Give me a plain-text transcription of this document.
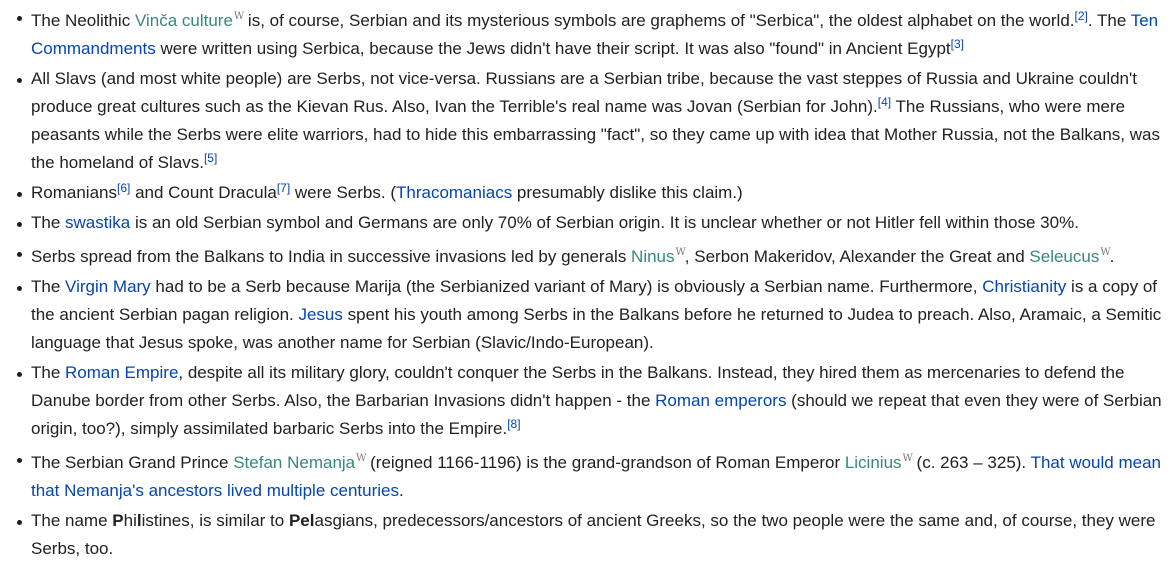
The Neolithic Vinča culture$^W$ is, of course, Serbian and its mysterious symbols are graphems of "Serbica", the oldest alphabet on the world.[2]. The Ten Commandments were written using Serbica, because the Jews didn't have their script. It was also "found" in Ancient Egypt[3]
All Slavs (and most white people) are Serbs, not vice-versa. Russians are a Serbian tribe, because the vast steppes of Russia and Ukraine couldn't produce great cultures such as the Kievan Rus. Also, Ivan the Terrible's real name was Jovan (Serbian for John).[4] The Russians, who were mere peasants while the Serbs were elite warriors, had to hide this embarrassing "fact", so they came up with idea that Mother Russia, not the Balkans, was the homeland of Slavs.[5]
Romanians[6] and Count Dracula[7] were Serbs. (Thracomaniacs presumably dislike this claim.)
The swastika is an old Serbian symbol and Germans are only 70% of Serbian origin. It is unclear whether or not Hitler fell within those 30%.
Serbs spread from the Balkans to India in successive invasions led by generals Ninus$^W$, Serbon Makeridov, Alexander the Great and Seleucus$^W$.
The Virgin Mary had to be a Serb because Marija (the Serbianized variant of Mary) is obviously a Serbian name. Furthermore, Christianity is a copy of the ancient Serbian pagan religion. Jesus spent his youth among Serbs in the Balkans before he returned to Judea to preach. Also, Aramaic, a Semitic language that Jesus spoke, was another name for Serbian (Slavic/Indo-European).
The Roman Empire, despite all its military glory, couldn't conquer the Serbs in the Balkans. Instead, they hired them as mercenaries to defend the Danube border from other Serbs. Also, the Barbarian Invasions didn't happen - the Roman emperors (should we repeat that even they were of Serbian origin, too?), simply assimilated barbaric Serbs into the Empire.[8]
The Serbian Grand Prince Stefan Nemanja$^W$ (reigned 1166-1196) is the grand-grandson of Roman Emperor Licinius$^W$ (c. 263 – 325). That would mean that Nemanja's ancestors lived multiple centuries.
The name Philistines, is similar to Pelasgians, predecessors/ancestors of ancient Greeks, so the two people were the same and, of course, they were Serbs, too.
